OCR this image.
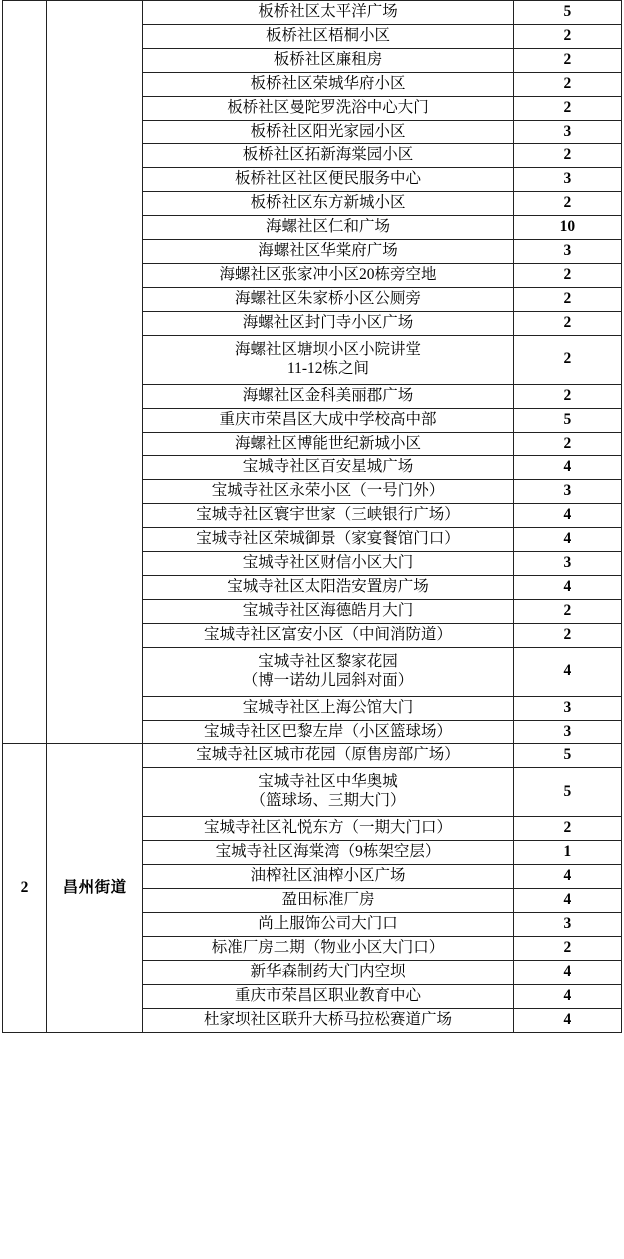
		板桥社区太平洋广场	5

		板桥社区梧桐小区	2

		板桥社区廉租房	2

		板桥社区荣城华府小区	2

		板桥社区曼陀罗洗浴中心大门	2

		板桥社区阳光家园小区	3

		板桥社区拓新海棠园小区	2

		板桥社区社区便民服务中心	3

		板桥社区东方新城小区	2

		海螺社区仁和广场	10

		海螺社区华棠府广场	3

		海螺社区张家冲小区20栋旁空地	2

		海螺社区朱家桥小区公厕旁	2

		海螺社区封门寺小区广场	2

		海螺社区塘坝小区小院讲堂
11-12栋之间	2

		海螺社区金科美丽郡广场	2

		重庆市荣昌区大成中学校高中部	5

		海螺社区博能世纪新城小区	2

		宝城寺社区百安星城广场	4

		宝城寺社区永荣小区（一号门外）	3

		宝城寺社区寰宇世家（三峡银行广场）	4

		宝城寺社区荣城御景（家宴餐馆门口）	4

		宝城寺社区财信小区大门	3

		宝城寺社区太阳浩安置房广场	4

		宝城寺社区海德皓月大门	2

		宝城寺社区富安小区（中间消防道）	2

		宝城寺社区黎家花园
（博一诺幼儿园斜对面）	4

		宝城寺社区上海公馆大门	3

		宝城寺社区巴黎左岸（小区篮球场）	3
2	昌州街道	宝城寺社区城市花园（原售房部广场）	5

		宝城寺社区中华奥城
（篮球场、三期大门）	5

		宝城寺社区礼悦东方（一期大门口）	2

		宝城寺社区海棠湾（9栋架空层）	1

		油榨社区油榨小区广场	4

		盈田标准厂房	4

		尚上服饰公司大门口	3

		标准厂房二期（物业小区大门口）	2

		新华森制药大门内空坝	4

		重庆市荣昌区职业教育中心	4

		杜家坝社区联升大桥马拉松赛道广场	4
